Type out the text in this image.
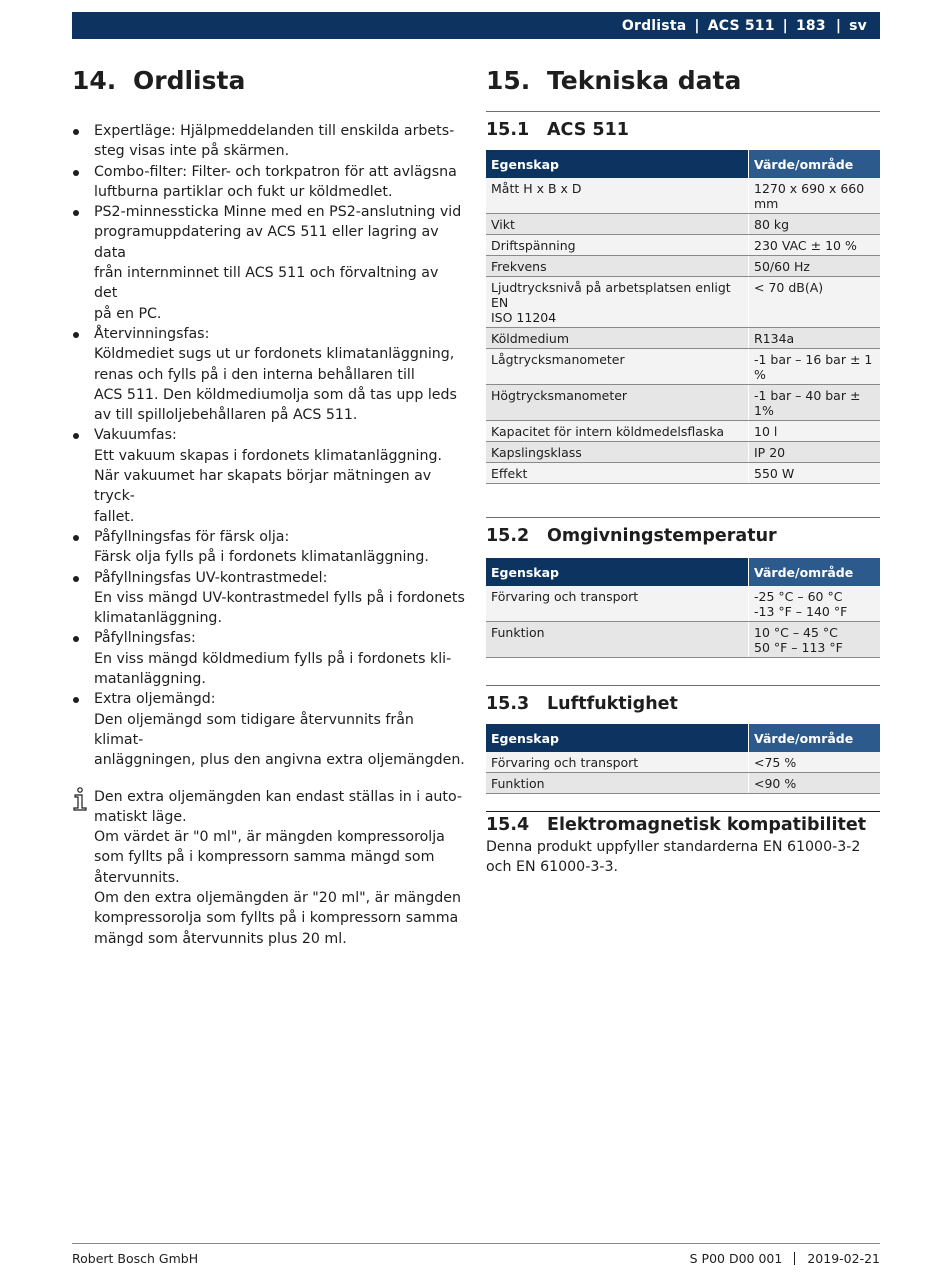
Ordlista | ACS 511 | 183 | sv
14. Ordlista
Expertläge: Hjälpmeddelanden till enskilda arbets-
steg visas inte på skärmen.
Combo-filter: Filter- och torkpatron för att avlägsna
luftburna partiklar och fukt ur köldmedlet.
PS2-minnessticka Minne med en PS2-anslutning vid
programuppdatering av ACS 511 eller lagring av data
från internminnet till ACS 511 och förvaltning av det
på en PC.
Återvinningsfas:
Köldmediet sugs ut ur fordonets klimatanläggning,
renas och fylls på i den interna behållaren till
ACS 511. Den köldmediumolja som då tas upp leds
av till spilloljebehållaren på ACS 511.
Vakuumfas:
Ett vakuum skapas i fordonets klimatanläggning.
När vakuumet har skapats börjar mätningen av tryck-
fallet.
Påfyllningsfas för färsk olja:
Färsk olja fylls på i fordonets klimatanläggning.
Påfyllningsfas UV-kontrastmedel:
En viss mängd UV-kontrastmedel fylls på i fordonets
klimatanläggning.
Påfyllningsfas:
En viss mängd köldmedium fylls på i fordonets kli-
matanläggning.
Extra oljemängd:
Den oljemängd som tidigare återvunnits från klimat-
anläggningen, plus den angivna extra oljemängden.
Den extra oljemängden kan endast ställas in i auto-
matiskt läge.
Om värdet är "0 ml", är mängden kompressorolja
som fyllts på i kompressorn samma mängd som
återvunnits.
Om den extra oljemängden är "20 ml", är mängden
kompressorolja som fyllts på i kompressorn samma
mängd som återvunnits plus 20 ml.
15. Tekniska data
15.1	ACS 511
Egenskap	Värde/område

Mått H x B x D	1270 x 690 x 660 mm

Vikt	80 kg

Driftspänning	230 VAC ± 10 %

Frekvens	50/60 Hz

Ljudtrycksnivå på arbetsplatsen enligt EN
ISO 11204	< 70 dB(A)

Köldmedium	R134a

Lågtrycksmanometer	-1 bar – 16 bar ± 1 %

Högtrycksmanometer	-1 bar – 40 bar ± 1%

Kapacitet för intern köldmedelsflaska	10 l

Kapslingsklass	IP 20

Effekt	550 W
15.2	Omgivningstemperatur
Egenskap	Värde/område

Förvaring och transport	-25 °C – 60 °C
-13 °F – 140 °F

Funktion	10 °C – 45 °C
50 °F – 113 °F
15.3	Luftfuktighet
Egenskap	Värde/område

Förvaring och transport	<75 %

Funktion	<90 %
15.4	Elektromagnetisk kompatibilitet

Denna produkt uppfyller standarderna EN 61000-3-2
och EN 61000-3-3.

Robert Bosch GmbH	S P00 D00 001 2019-02-21
